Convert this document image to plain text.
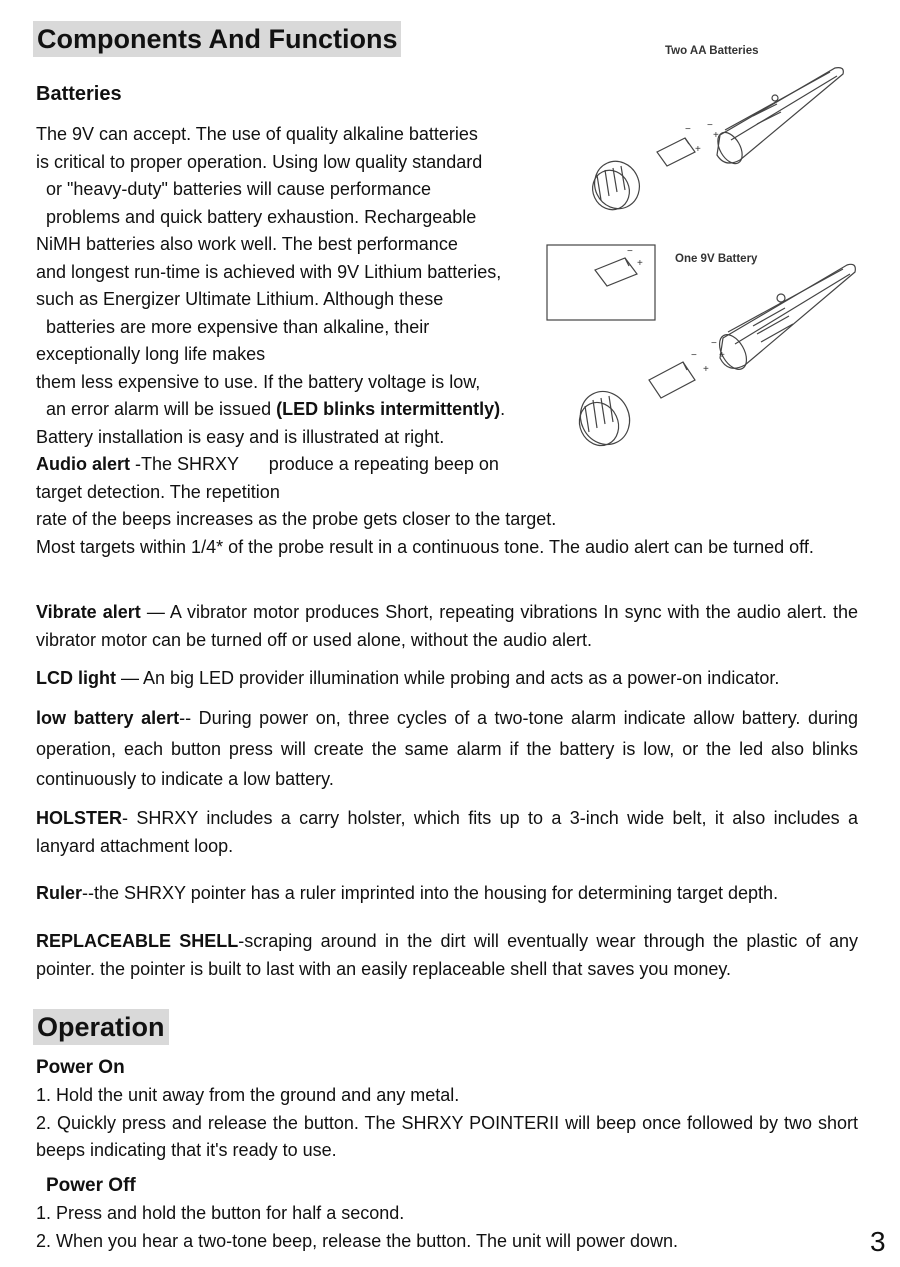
Components And Functions
Batteries
The 9V can accept. The use of quality alkaline batteries
is critical to proper operation. Using low quality standard
or "heavy-duty" batteries will cause performance
problems and quick battery exhaustion. Rechargeable
NiMH batteries also work well. The best performance
and longest run-time is achieved with 9V Lithium batteries,
such as Energizer Ultimate Lithium. Although these
batteries are more expensive than alkaline, their
exceptionally long life makes
them less expensive to use. If the battery voltage is low,
an error alarm will be issued (LED blinks intermittently).
Battery installation is easy and is illustrated at right.
Audio alert -The SHRXY      produce a repeating beep on
target detection. The repetition
rate of the beeps increases as the probe gets closer to the target.
Most targets within 1/4* of the probe result in a continuous tone. The audio alert can be turned off.
Vibrate alert — A vibrator motor produces Short, repeating vibrations In sync with the audio alert. the vibrator motor can be turned off or used alone, without the audio alert.
LCD light — An big LED provider illumination while probing and acts as a power-on indicator.
low battery alert-- During power on, three cycles of a two-tone alarm indicate allow battery. during operation, each button press will create the same alarm if the battery is low, or the led also blinks continuously to indicate a low battery.
HOLSTER- SHRXY includes a carry holster, which fits up to a 3-inch wide belt, it also includes a lanyard attachment loop.
Ruler--the SHRXY pointer has a ruler imprinted into the housing for determining target depth.
REPLACEABLE SHELL-scraping around in the dirt will eventually wear through the plastic of any pointer. the pointer is built to last with an easily replaceable shell that saves you money.
Operation
Power On
1. Hold the unit away from the ground and any metal.
2. Quickly press and release the button. The SHRXY POINTERII will beep once followed by two short beeps indicating that it's ready to use.
Power Off
1. Press and hold the button for half a second.
2. When you hear a two-tone beep, release the button. The unit will power down.	3
Two AA Batteries
One 9V Battery
+
−
+
−
+
−
+
− +
−
